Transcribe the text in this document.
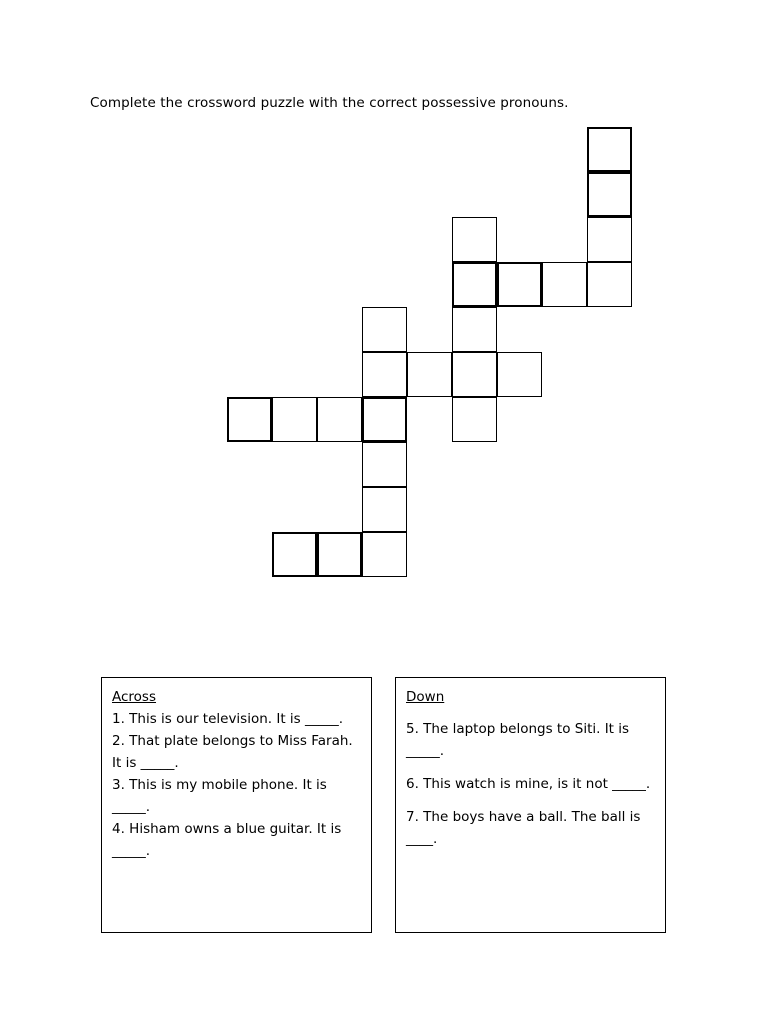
Complete the crossword puzzle with the correct possessive pronouns.
Across

1. This is our television. It is _____.

2. That plate belongs to Miss Farah. It is _____.

3. This is my mobile phone. It is _____.

4. Hisham owns a blue guitar. It is _____.

Down

5. The laptop belongs to Siti. It is _____.

6. This watch is mine, is it not _____.

7. The boys have a ball. The ball is ____.
